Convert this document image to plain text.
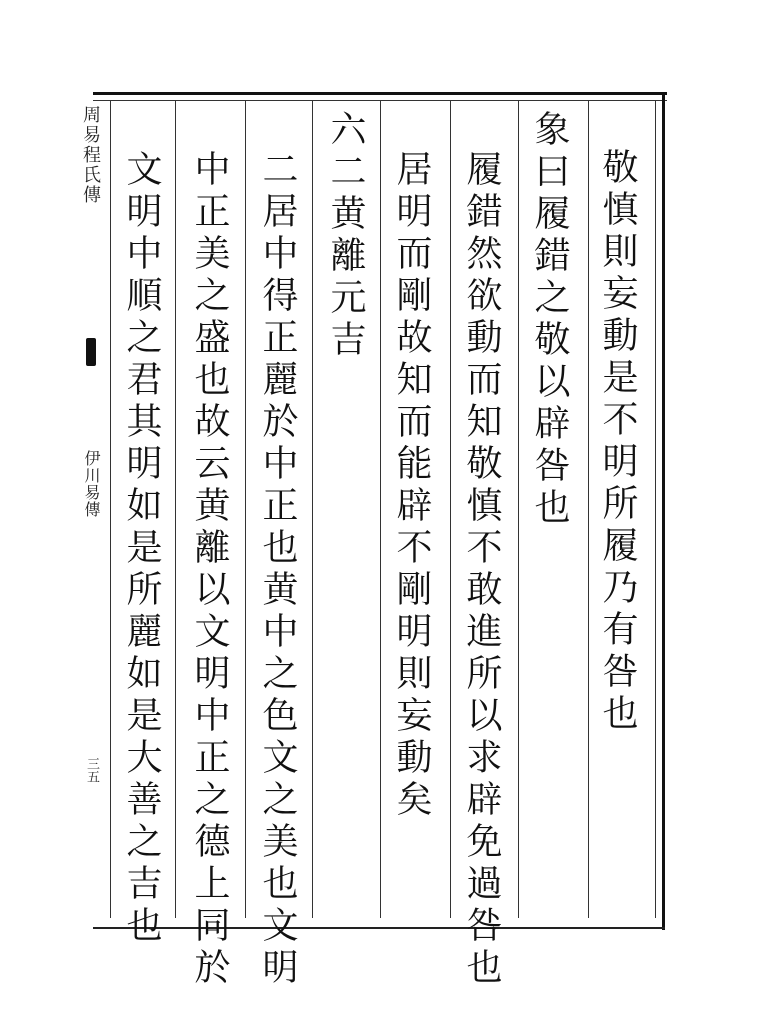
周易程氏傳
伊川易傳
三五
敬慎則妄動是不明所履乃有咎也
象曰履錯之敬以辟咎也
履錯然欲動而知敬慎不敢進所以求辟免過咎也
居明而剛故知而能辟不剛明則妄動矣
六二黄離元吉
二居中得正麗於中正也黄中之色文之美也文明
中正美之盛也故云黄離以文明中正之德上同於
文明中順之君其明如是所麗如是大善之吉也
